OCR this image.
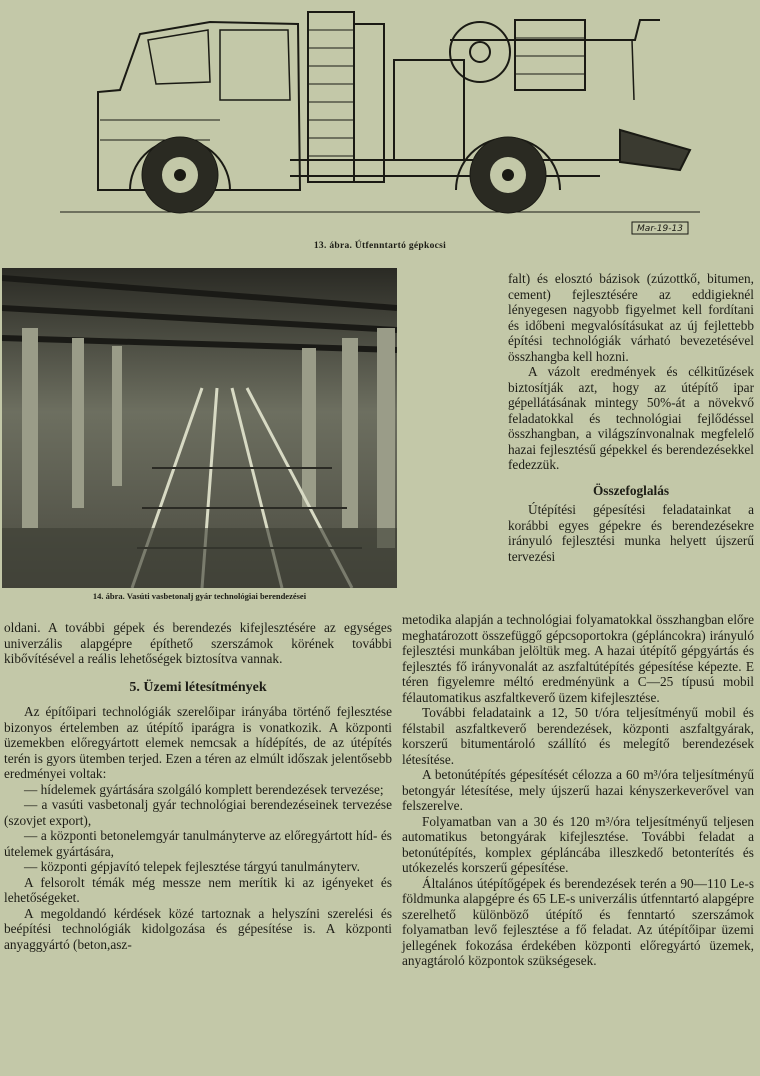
Mar-19-13
13. ábra. Útfenntartó gépkocsi
14. ábra. Vasúti vasbetonalj gyár technológiai berendezései

falt) és elosztó bázisok (zúzottkő, bitumen, cement) fejlesztésére az eddigieknél lényegesen nagyobb figyelmet kell fordítani és időbeni megvalósításukat az új fejlettebb építési technológiák várható bevezetésével összhangba kell hozni.

A vázolt eredmények és célkitűzések biztosítják azt, hogy az útépítő ipar gépellátásának mintegy 50%-át a növekvő feladatokkal és technológiai fejlődéssel összhangban, a világszínvonalnak megfelelő hazai fejlesztésű gépekkel és berendezésekkel fedezzük.

Összefoglalás

Útépítési gépesítési feladatainkat a korábbi egyes gépekre és berendezésekre irányuló fejlesztési munka helyett újszerű tervezési

oldani. A további gépek és berendezés kifejlesztésére az egységes univerzális alapgépre építhető szerszámok körének további kibővítésével a reális lehetőségek biztosítva vannak.

5. Üzemi létesítmények

Az építőipari technológiák szerelőipar irányába történő fejlesztése bizonyos értelemben az útépítő iparágra is vonatkozik. A központi üzemekben előregyártott elemek nemcsak a hídépítés, de az útépítés terén is gyors ütemben terjed. Ezen a téren az elmúlt időszak jelentősebb eredményei voltak:

— hídelemek gyártására szolgáló komplett berendezések tervezése;

— a vasúti vasbetonalj gyár technológiai berendezéseinek tervezése (szovjet export),

— a központi betonelemgyár tanulmányterve az előregyártott híd- és útelemek gyártására,

— központi gépjavító telepek fejlesztése tárgyú tanulmányterv.

A felsorolt témák még messze nem merítik ki az igényeket és lehetőségeket.

A megoldandó kérdések közé tartoznak a helyszíni szerelési és beépítési technológiák kidolgozása és gépesítése is. A központi anyaggyártó (beton,asz-

metodika alapján a technológiai folyamatokkal összhangban előre meghatározott összefüggő gépcsoportokra (gépláncokra) irányuló fejlesztési munkában jelöltük meg. A hazai útépítő gépgyártás és fejlesztés fő irányvonalát az aszfaltútépítés gépesítése képezte. E téren figyelemre méltó eredményünk a C—25 típusú mobil félautomatikus aszfaltkeverő üzem kifejlesztése.

További feladataink a 12, 50 t/óra teljesítményű mobil és félstabil aszfaltkeverő berendezések, központi aszfaltgyárak, korszerű bitumentároló szállító és melegítő berendezések létesítése.

A betonútépítés gépesítését célozza a 60 m³/óra teljesítményű betongyár létesítése, mely újszerű hazai kényszerkeverővel van felszerelve.

Folyamatban van a 30 és 120 m³/óra teljesítményű teljesen automatikus betongyárak kifejlesztése. További feladat a betonútépítés, komplex gépláncába illeszkedő betonterítés és utókezelés korszerű gépesítése.

Általános útépítőgépek és berendezések terén a 90—110 Le-s földmunka alapgépre és 65 LE-s univerzális útfenntartó alapgépre szerelhető különböző útépítő és fenntartó szerszámok folyamatban levő fejlesztése a fő feladat. Az útépítőipar üzemi jellegének fokozása érdekében központi előregyártó üzemek, anyagtároló központok szükségesek.
